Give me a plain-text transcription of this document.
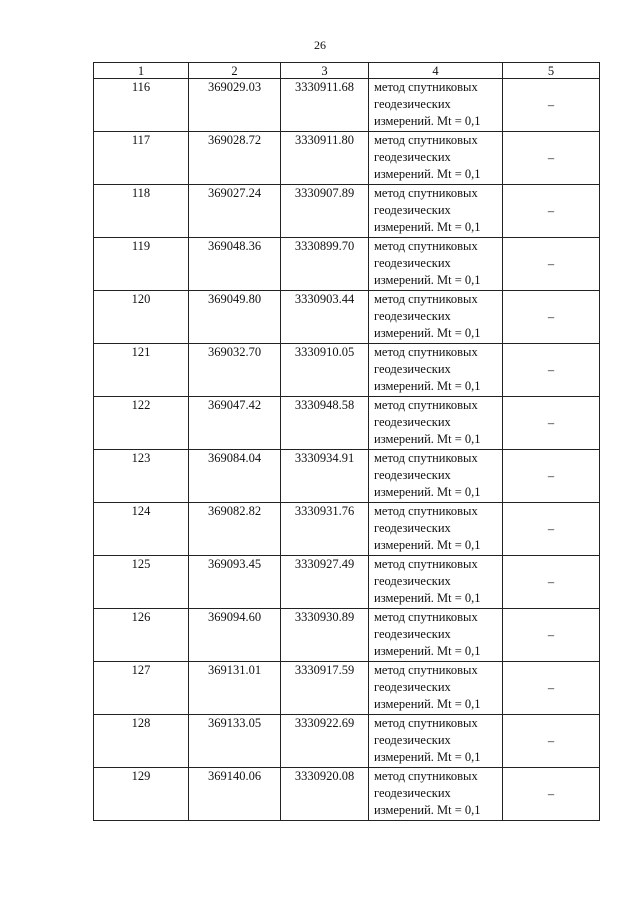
26
1	2	3	4	5
116	369029.03	3330911.68	метод спутниковых геодезических измерений. Mt = 0,1	–
117	369028.72	3330911.80	метод спутниковых геодезических измерений. Mt = 0,1	–
118	369027.24	3330907.89	метод спутниковых геодезических измерений. Mt = 0,1	–
119	369048.36	3330899.70	метод спутниковых геодезических измерений. Mt = 0,1	–
120	369049.80	3330903.44	метод спутниковых геодезических измерений. Mt = 0,1	–
121	369032.70	3330910.05	метод спутниковых геодезических измерений. Mt = 0,1	–
122	369047.42	3330948.58	метод спутниковых геодезических измерений. Mt = 0,1	–
123	369084.04	3330934.91	метод спутниковых геодезических измерений. Mt = 0,1	–
124	369082.82	3330931.76	метод спутниковых геодезических измерений. Mt = 0,1	–
125	369093.45	3330927.49	метод спутниковых геодезических измерений. Mt = 0,1	–
126	369094.60	3330930.89	метод спутниковых геодезических измерений. Mt = 0,1	–
127	369131.01	3330917.59	метод спутниковых геодезических измерений. Mt = 0,1	–
128	369133.05	3330922.69	метод спутниковых геодезических измерений. Mt = 0,1	–
129	369140.06	3330920.08	метод спутниковых геодезических измерений. Mt = 0,1	–
